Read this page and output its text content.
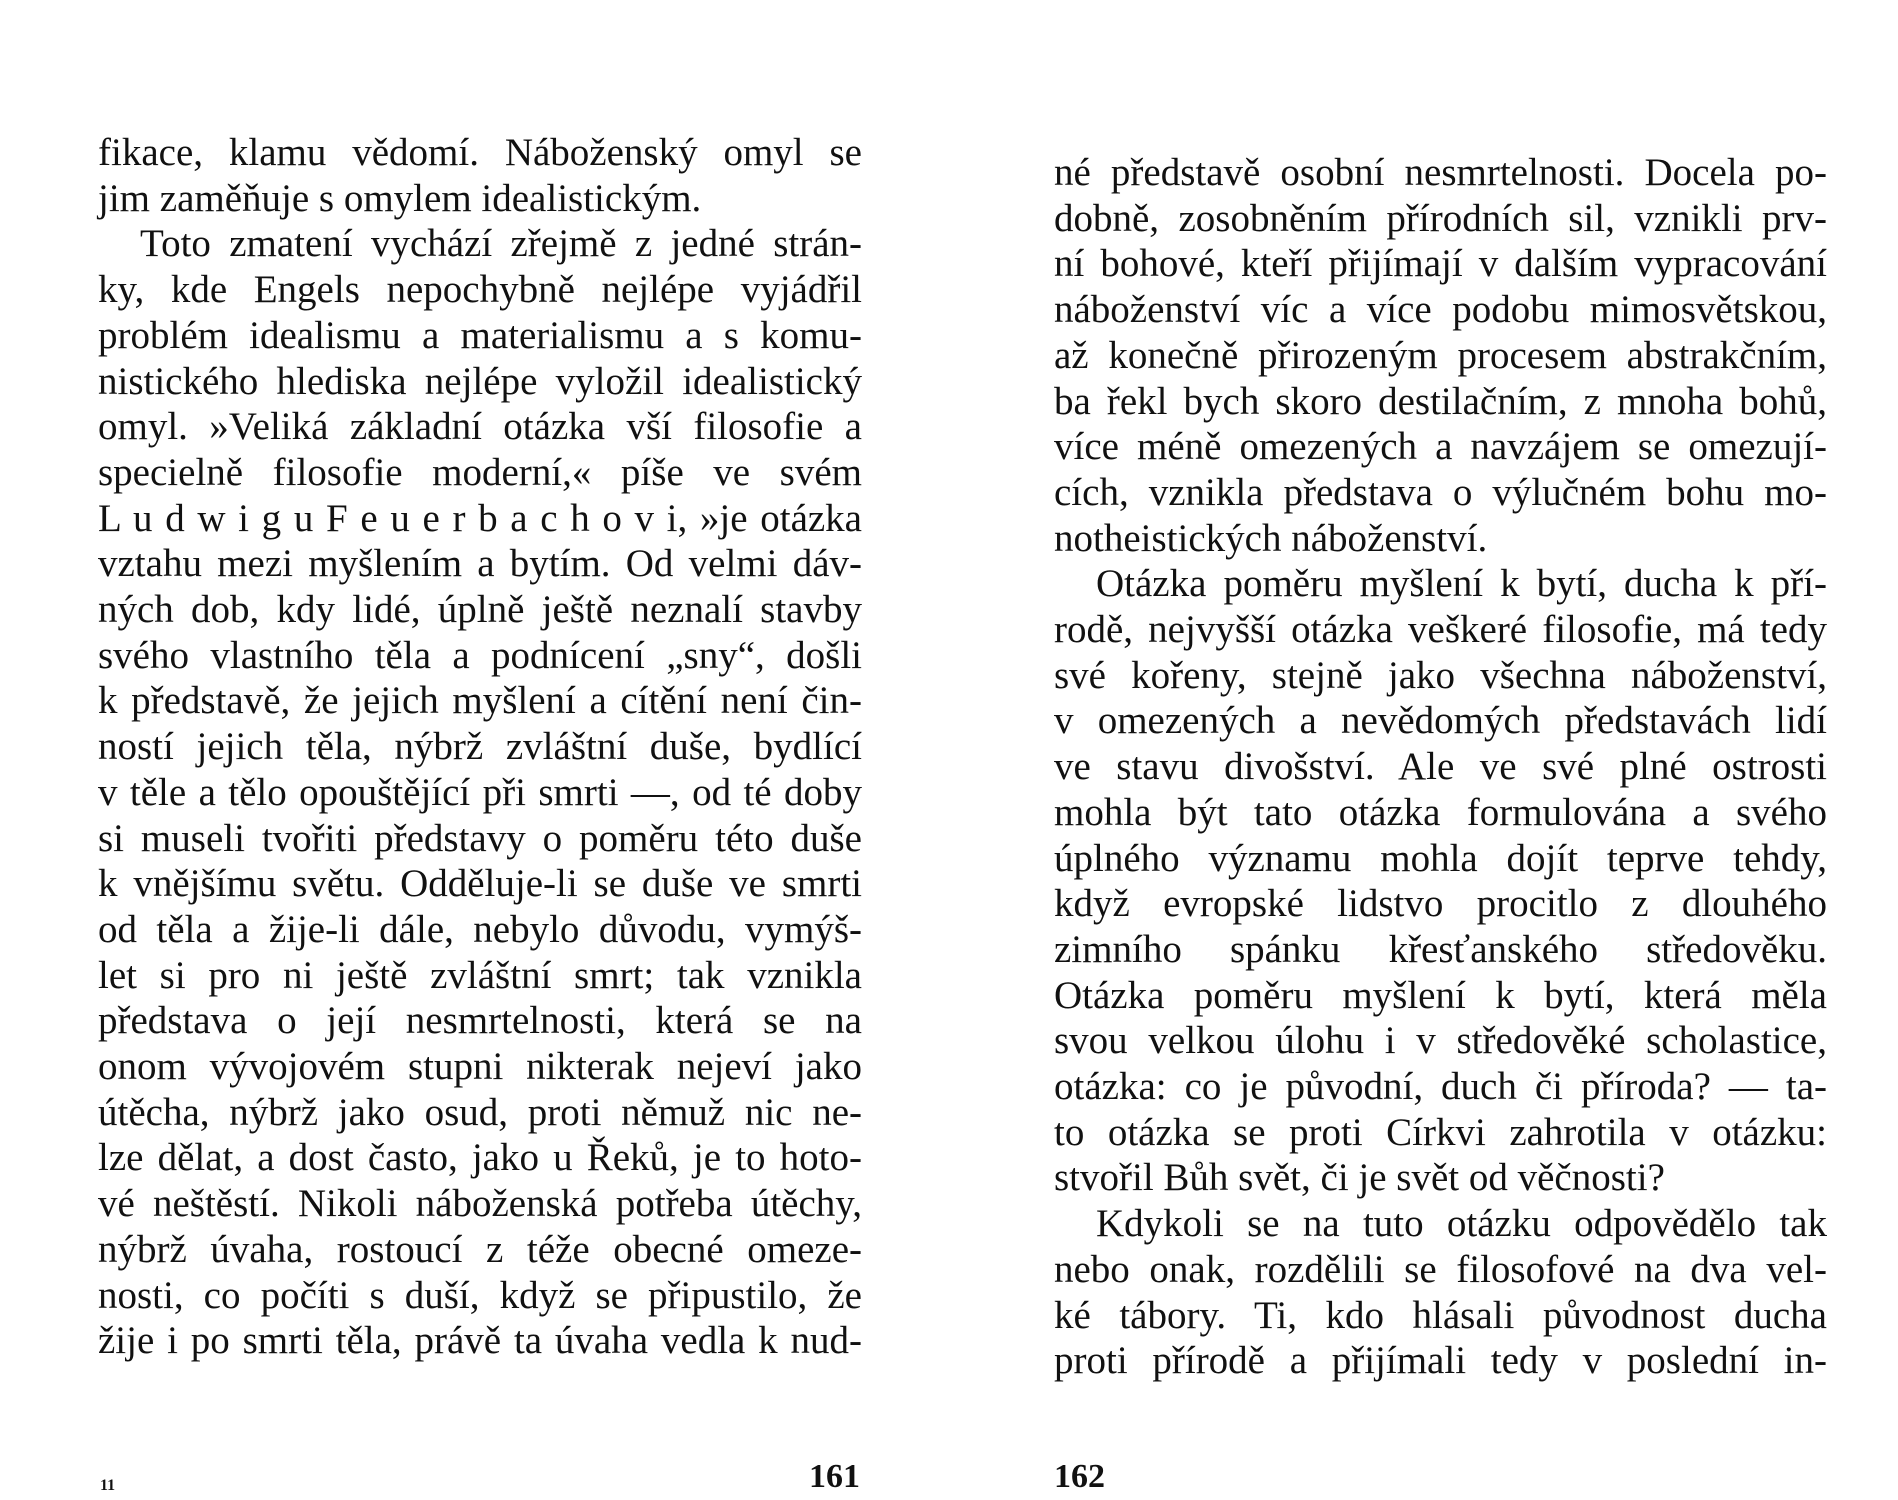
fikace, klamu vědomí. Náboženský omyl se
jim zaměňuje s omylem idealistickým.
Toto zmatení vychází zřejmě z jedné strán-
ky, kde Engels nepochybně nejlépe vyjádřil
problém idealismu a materialismu a s komu-
nistického hlediska nejlépe vyložil idealistický
omyl. »Veliká základní otázka vší filosofie a
specielně filosofie moderní,« píše ve svém
L u d w i g u F e u e r b a c h o v i, »je otázka
vztahu mezi myšlením a bytím. Od velmi dáv-
ných dob, kdy lidé, úplně ještě neznalí stavby
svého vlastního těla a podnícení „sny“, došli
k představě, že jejich myšlení a cítění není čin-
ností jejich těla, nýbrž zvláštní duše, bydlící
v těle a tělo opouštějící při smrti —, od té doby
si museli tvořiti představy o poměru této duše
k vnějšímu světu. Odděluje-li se duše ve smrti
od těla a žije-li dále, nebylo důvodu, vymýš-
let si pro ni ještě zvláštní smrt; tak vznikla
představa o její nesmrtelnosti, která se na
onom vývojovém stupni nikterak nejeví jako
útěcha, nýbrž jako osud, proti němuž nic ne-
lze dělat, a dost často, jako u Řeků, je to hoto-
vé neštěstí. Nikoli náboženská potřeba útěchy,
nýbrž úvaha, rostoucí z téže obecné omeze-
nosti, co počíti s duší, když se připustilo, že
žije i po smrti těla, právě ta úvaha vedla k nud-
161
11
né představě osobní nesmrtelnosti. Docela po-
dobně, zosobněním přírodních sil, vznikli prv-
ní bohové, kteří přijímají v dalším vypracování
náboženství víc a více podobu mimosvětskou,
až konečně přirozeným procesem abstrakčním,
ba řekl bych skoro destilačním, z mnoha bohů,
více méně omezených a navzájem se omezují-
cích, vznikla představa o výlučném bohu mo-
notheistických náboženství.
Otázka poměru myšlení k bytí, ducha k pří-
rodě, nejvyšší otázka veškeré filosofie, má tedy
své kořeny, stejně jako všechna náboženství,
v omezených a nevědomých představách lidí
ve stavu divošství. Ale ve své plné ostrosti
mohla být tato otázka formulována a svého
úplného významu mohla dojít teprve tehdy,
když evropské lidstvo procitlo z dlouhého
zimního spánku křesťanského středověku.
Otázka poměru myšlení k bytí, která měla
svou velkou úlohu i v středověké scholastice,
otázka: co je původní, duch či příroda? — ta-
to otázka se proti Církvi zahrotila v otázku:
stvořil Bůh svět, či je svět od věčnosti?
Kdykoli se na tuto otázku odpovědělo tak
nebo onak, rozdělili se filosofové na dva vel-
ké tábory. Ti, kdo hlásali původnost ducha
proti přírodě a přijímali tedy v poslední in-
162
